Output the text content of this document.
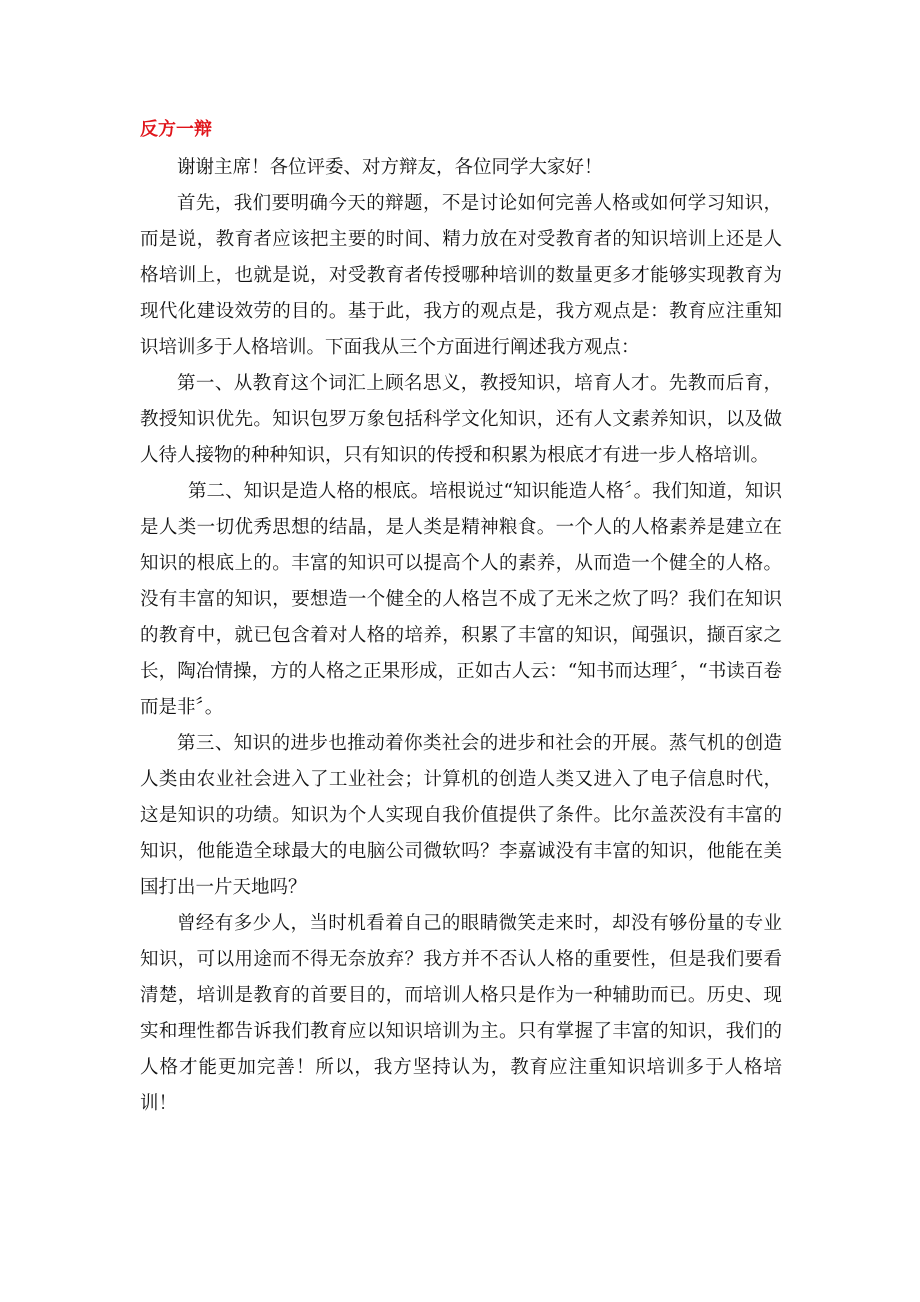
反方一辩

谢谢主席！各位评委、对方辩友，各位同学大家好！

首先，我们要明确今天的辩题，不是讨论如何完善人格或如何学习知识，而是说，教育者应该把主要的时间、精力放在对受教育者的知识培训上还是人格培训上，也就是说，对受教育者传授哪种培训的数量更多才能够实现教育为现代化建设效劳的目的。基于此，我方的观点是，我方观点是：教育应注重知识培训多于人格培训。下面我从三个方面进行阐述我方观点：

第一、从教育这个词汇上顾名思义，教授知识，培育人才。先教而后育，教授知识优先。知识包罗万象包括科学文化知识，还有人文素养知识，以及做人待人接物的种种知识，只有知识的传授和积累为根底才有进一步人格培训。

第二、知识是造人格的根底。培根说过“知识能造人格〞。我们知道，知识是人类一切优秀思想的结晶，是人类是精神粮食。一个人的人格素养是建立在知识的根底上的。丰富的知识可以提高个人的素养，从而造一个健全的人格。没有丰富的知识，要想造一个健全的人格岂不成了无米之炊了吗？我们在知识的教育中，就已包含着对人格的培养，积累了丰富的知识，闻强识，撷百家之长，陶冶情操，方的人格之正果形成，正如古人云：“知书而达理〞，“书读百卷而是非〞。

第三、知识的进步也推动着你类社会的进步和社会的开展。蒸气机的创造人类由农业社会进入了工业社会；计算机的创造人类又进入了电子信息时代，这是知识的功绩。知识为个人实现自我价值提供了条件。比尔盖茨没有丰富的知识，他能造全球最大的电脑公司微软吗？李嘉诚没有丰富的知识，他能在美国打出一片天地吗？

曾经有多少人，当时机看着自己的眼睛微笑走来时，却没有够份量的专业知识，可以用途而不得无奈放弃？我方并不否认人格的重要性，但是我们要看清楚，培训是教育的首要目的，而培训人格只是作为一种辅助而已。历史、现实和理性都告诉我们教育应以知识培训为主。只有掌握了丰富的知识，我们的人格才能更加完善！所以，我方坚持认为，教育应注重知识培训多于人格培训！
